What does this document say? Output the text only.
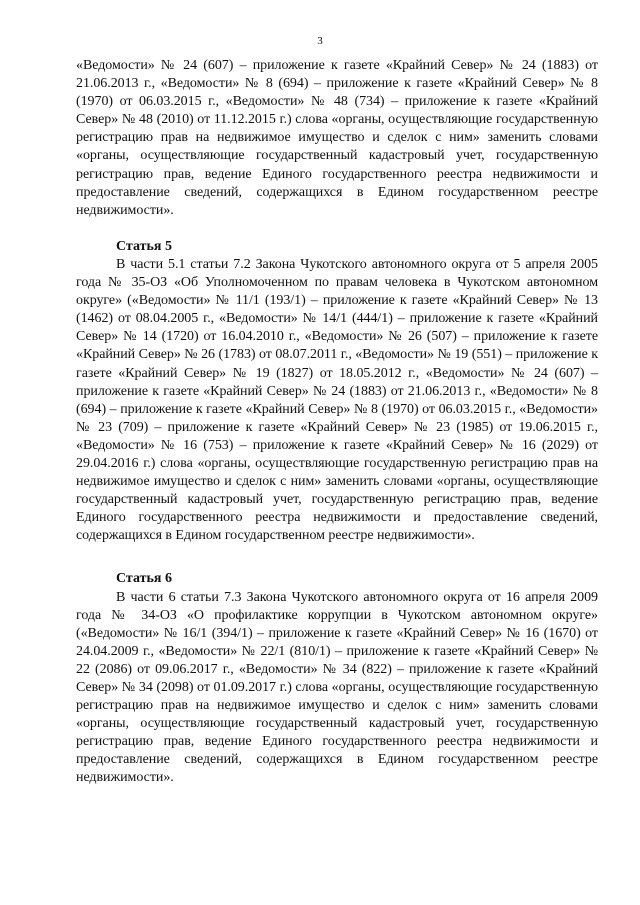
3

«Ведомости» № 24 (607) – приложение к газете «Крайний Север» № 24 (1883) от 21.06.2013 г., «Ведомости» № 8 (694) – приложение к газете «Крайний Север» № 8 (1970) от 06.03.2015 г., «Ведомости» № 48 (734) – приложение к газете «Крайний Север» № 48 (2010) от 11.12.2015 г.) слова «органы, осуществляющие государственную регистрацию прав на недвижимое имущество и сделок с ним» заменить словами «органы, осуществляющие государственный кадастровый учет, государственную регистрацию прав, ведение Единого государственного реестра недвижимости и предоставление сведений, содержащихся в Едином государственном реестре недвижимости».

Статья 5

В части 5.1 статьи 7.2 Закона Чукотского автономного округа от 5 апреля 2005 года № 35-ОЗ «Об Уполномоченном по правам человека в Чукотском автономном округе» («Ведомости» № 11/1 (193/1) – приложение к газете «Крайний Север» № 13 (1462) от 08.04.2005 г., «Ведомости» № 14/1 (444/1) – приложение к газете «Крайний Север» № 14 (1720) от 16.04.2010 г., «Ведомости» № 26 (507) – приложение к газете «Крайний Север» № 26 (1783) от 08.07.2011 г., «Ведомости» № 19 (551) – приложение к газете «Крайний Север» № 19 (1827) от 18.05.2012 г., «Ведомости» № 24 (607) – приложение к газете «Крайний Север» № 24 (1883) от 21.06.2013 г., «Ведомости» № 8 (694) – приложение к газете «Крайний Север» № 8 (1970) от 06.03.2015 г., «Ведомости» № 23 (709) – приложение к газете «Крайний Север» № 23 (1985) от 19.06.2015 г., «Ведомости» № 16 (753) – приложение к газете «Крайний Север» № 16 (2029) от 29.04.2016 г.) слова «органы, осуществляющие государственную регистрацию прав на недвижимое имущество и сделок с ним» заменить словами «органы, осуществляющие государственный кадастровый учет, государственную регистрацию прав, ведение Единого государственного реестра недвижимости и предоставление сведений, содержащихся в Едином государственном реестре недвижимости».

Статья 6

В части 6 статьи 7.3 Закона Чукотского автономного округа от 16 апреля 2009 года № 34-ОЗ «О профилактике коррупции в Чукотском автономном округе» («Ведомости» № 16/1 (394/1) – приложение к газете «Крайний Север» № 16 (1670) от 24.04.2009 г., «Ведомости» № 22/1 (810/1) – приложение к газете «Крайний Север» № 22 (2086) от 09.06.2017 г., «Ведомости» № 34 (822) – приложение к газете «Крайний Север» № 34 (2098) от 01.09.2017 г.) слова «органы, осуществляющие государственную регистрацию прав на недвижимое имущество и сделок с ним» заменить словами «органы, осуществляющие государственный кадастровый учет, государственную регистрацию прав, ведение Единого государственного реестра недвижимости и предоставление сведений, содержащихся в Едином государственном реестре недвижимости».
